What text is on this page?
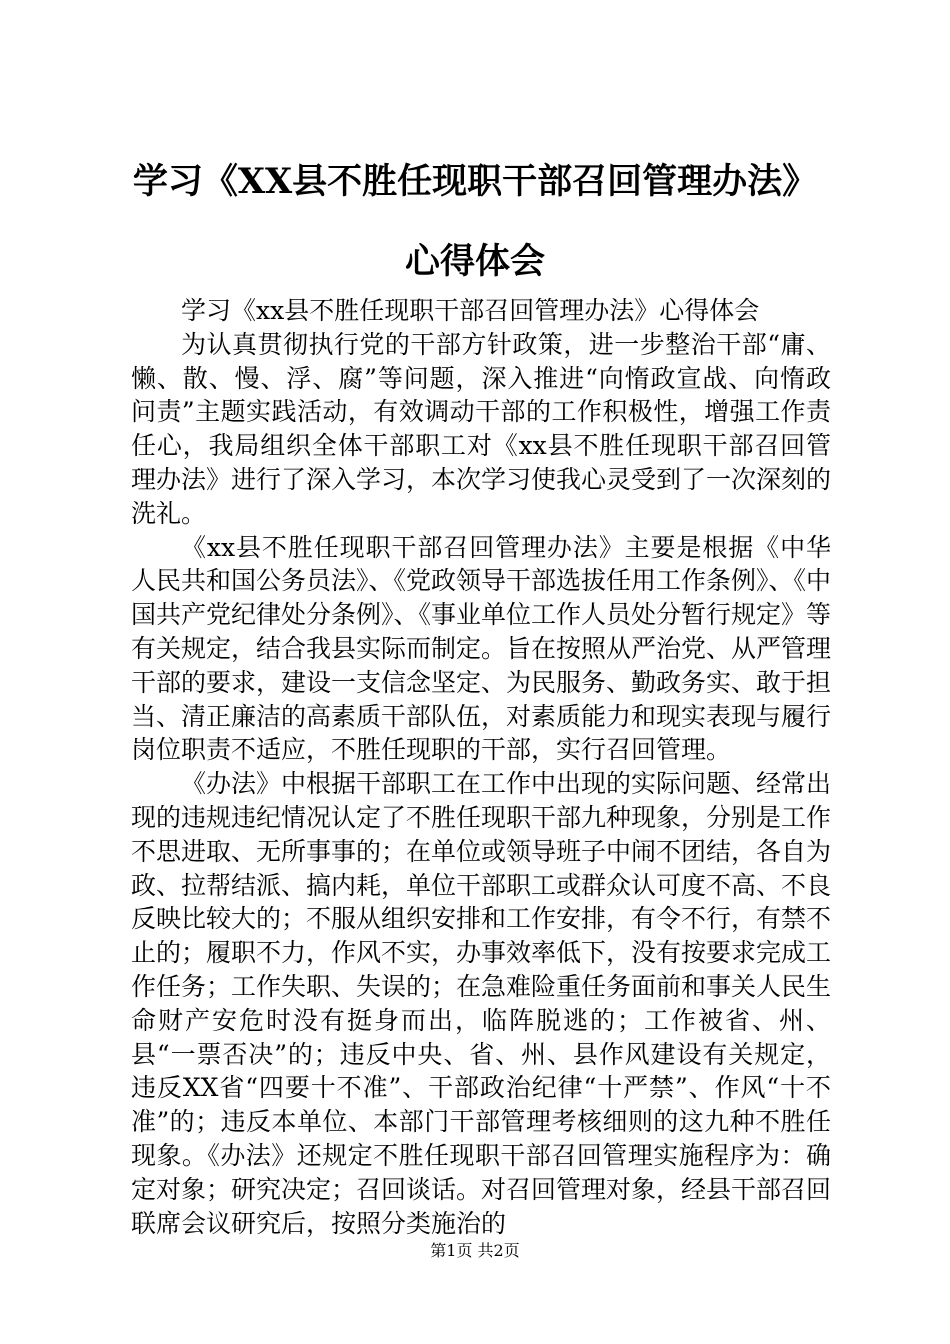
学习《XX县不胜任现职干部召回管理办法》
心得体会

学习《xx县不胜任现职干部召回管理办法》心得体会

为认真贯彻执行党的干部方针政策，进一步整治干部“庸、懒、散、慢、浮、腐”等问题，深入推进“向惰政宣战、向惰政问责”主题实践活动，有效调动干部的工作积极性，增强工作责任心，我局组织全体干部职工对《xx县不胜任现职干部召回管理办法》进行了深入学习，本次学习使我心灵受到了一次深刻的洗礼。

《xx县不胜任现职干部召回管理办法》主要是根据《中华人民共和国公务员法》、《党政领导干部选拔任用工作条例》、《中国共产党纪律处分条例》、《事业单位工作人员处分暂行规定》等有关规定，结合我县实际而制定。旨在按照从严治党、从严管理干部的要求，建设一支信念坚定、为民服务、勤政务实、敢于担当、清正廉洁的高素质干部队伍，对素质能力和现实表现与履行岗位职责不适应，不胜任现职的干部，实行召回管理。

《办法》中根据干部职工在工作中出现的实际问题、经常出现的违规违纪情况认定了不胜任现职干部九种现象，分别是工作不思进取、无所事事的；在单位或领导班子中闹不团结，各自为政、拉帮结派、搞内耗，单位干部职工或群众认可度不高、不良反映比较大的；不服从组织安排和工作安排，有令不行，有禁不止的；履职不力，作风不实，办事效率低下，没有按要求完成工作任务；工作失职、失误的；在急难险重任务面前和事关人民生命财产安危时没有挺身而出，临阵脱逃的；工作被省、州、县“一票否决”的；违反中央、省、州、县作风建设有关规定，违反XX省“四要十不准”、干部政治纪律“十严禁”、作风“十不准”的；违反本单位、本部门干部管理考核细则的这九种不胜任现象。《办法》还规定不胜任现职干部召回管理实施程序为：确定对象；研究决定；召回谈话。对召回管理对象，经县干部召回联席会议研究后，按照分类施治的

第1页 共2页
